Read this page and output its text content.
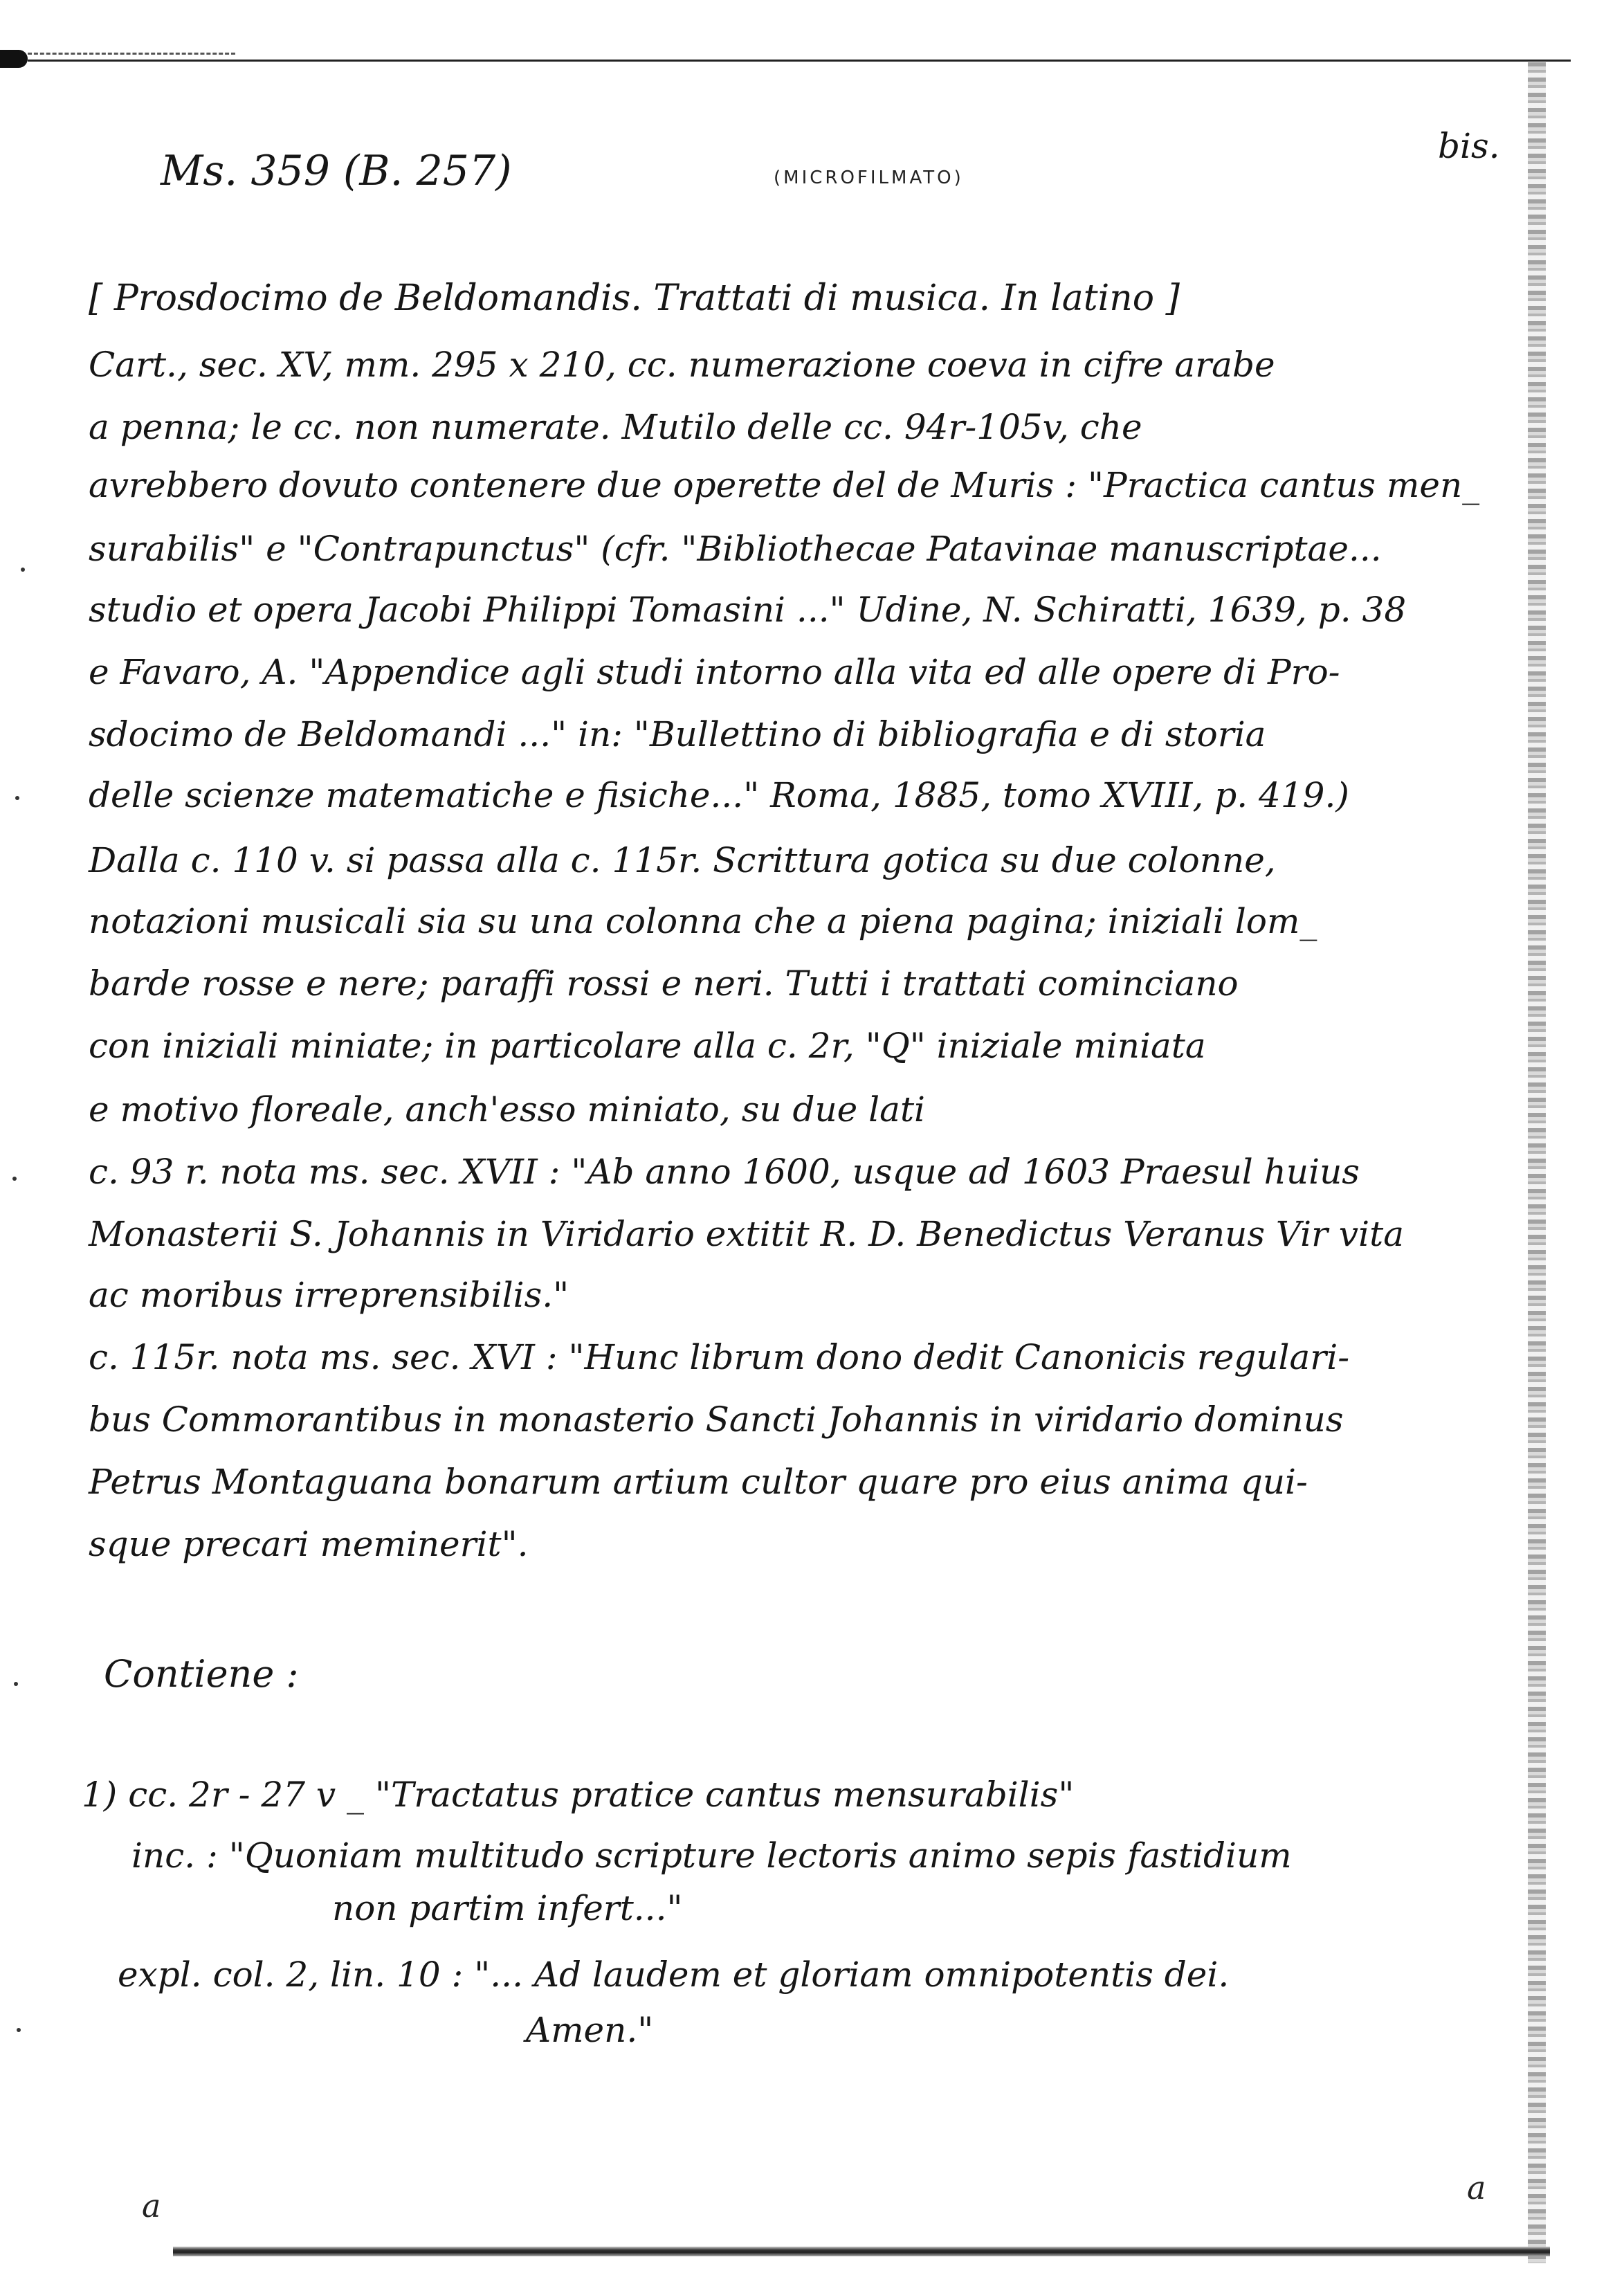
Ms. 359 (B. 257)	(MICROFILMATO)

bis.

[ Prosdocimo de Beldomandis. Trattati di musica. In latino ]

Cart., sec. XV, mm. 295 x 210, cc. numerazione coeva in cifre arabe

a penna; le cc. non numerate. Mutilo delle cc. 94r-105v, che

avrebbero dovuto contenere due operette del de Muris : "Practica cantus men_

surabilis" e "Contrapunctus" (cfr. "Bibliothecae Patavinae manuscriptae...

studio et opera Jacobi Philippi Tomasini ..." Udine, N. Schiratti, 1639, p. 38

e Favaro, A. "Appendice agli studi intorno alla vita ed alle opere di Pro-

sdocimo de Beldomandi ..." in: "Bullettino di bibliografia e di storia

delle scienze matematiche e fisiche..." Roma, 1885, tomo XVIII, p. 419.)

Dalla c. 110 v. si passa alla c. 115r. Scrittura gotica su due colonne,

notazioni musicali sia su una colonna che a piena pagina; iniziali lom_

barde rosse e nere; paraffi rossi e neri. Tutti i trattati cominciano

con iniziali miniate; in particolare alla c. 2r, "Q" iniziale miniata

e motivo floreale, anch'esso miniato, su due lati

c. 93 r. nota ms. sec. XVII : "Ab anno 1600, usque ad 1603 Praesul huius

Monasterii S. Johannis in Viridario extitit R. D. Benedictus Veranus Vir vita

ac moribus irreprensibilis."

c. 115r. nota ms. sec. XVI : "Hunc librum dono dedit Canonicis regulari-

bus Commorantibus in monasterio Sancti Johannis in viridario dominus

Petrus Montaguana bonarum artium cultor quare pro eius anima qui-

sque precari meminerit".

Contiene :

1) cc. 2r - 27 v _ "Tractatus pratice cantus mensurabilis"

inc. : "Quoniam multitudo scripture lectoris animo sepis fastidium

non partim infert..."

expl. col. 2, lin. 10 : "... Ad laudem et gloriam omnipotentis dei.

Amen."

a	a
